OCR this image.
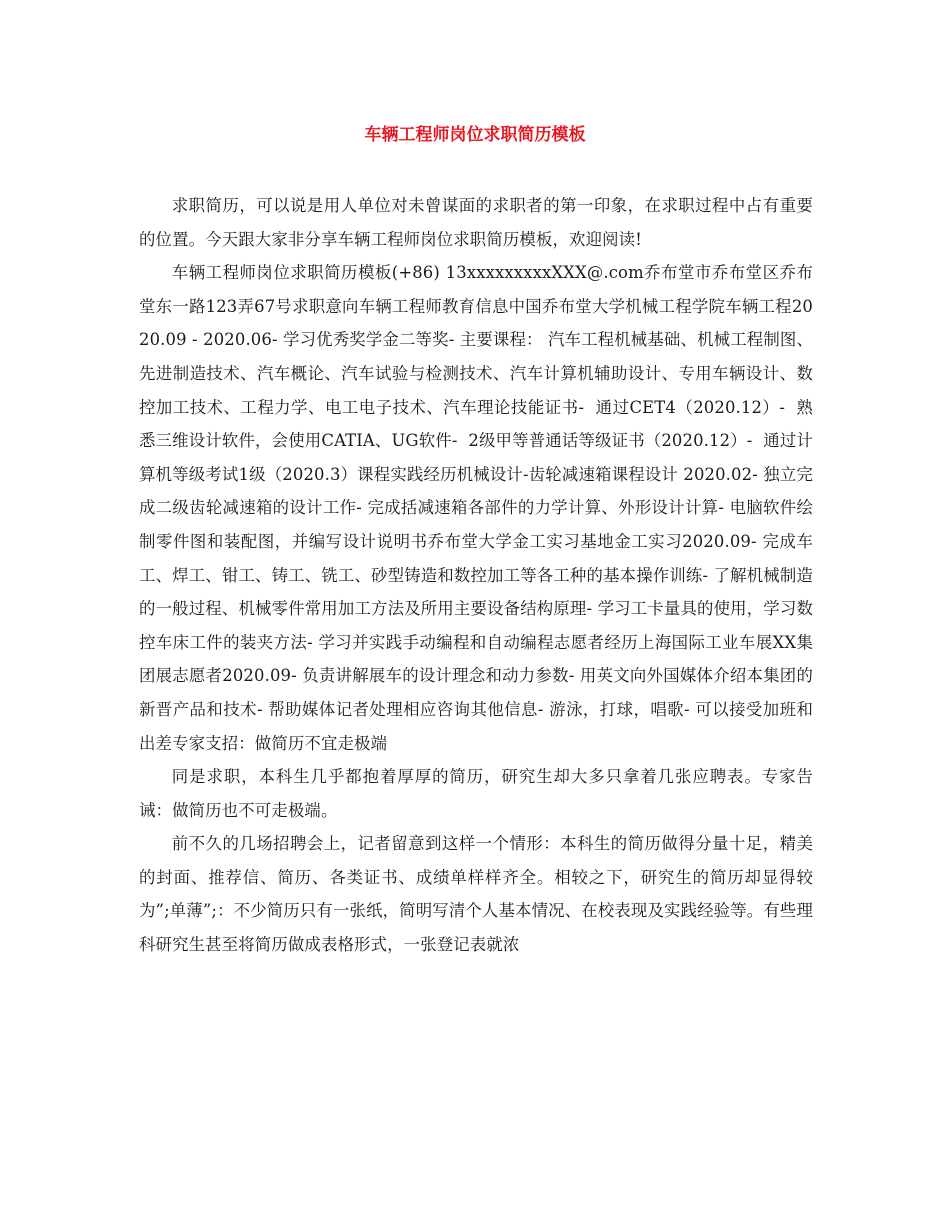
车辆工程师岗位求职简历模板

求职简历，可以说是用人单位对未曾谋面的求职者的第一印象，在求职过程中占有重要的位置。今天跟大家非分享车辆工程师岗位求职简历模板，欢迎阅读!

车辆工程师岗位求职简历模板(+86) 13xxxxxxxxxXXX@.com乔布堂市乔布堂区乔布堂东一路123弄67号求职意向车辆工程师教育信息中国乔布堂大学机械工程学院车辆工程2020.09 - 2020.06- 学习优秀奖学金二等奖- 主要课程： 汽车工程机械基础、机械工程制图、先进制造技术、汽车概论、汽车试验与检测技术、汽车计算机辅助设计、专用车辆设计、数控加工技术、工程力学、电工电子技术、汽车理论技能证书-  通过CET4（2020.12）-  熟悉三维设计软件，会使用CATIA、UG软件-  2级甲等普通话等级证书（2020.12）-  通过计算机等级考试1级（2020.3）课程实践经历机械设计-齿轮减速箱课程设计 2020.02- 独立完成二级齿轮减速箱的设计工作- 完成括减速箱各部件的力学计算、外形设计计算- 电脑软件绘制零件图和装配图，并编写设计说明书乔布堂大学金工实习基地金工实习2020.09- 完成车工、焊工、钳工、铸工、铣工、砂型铸造和数控加工等各工种的基本操作训练- 了解机械制造的一般过程、机械零件常用加工方法及所用主要设备结构原理- 学习工卡量具的使用，学习数控车床工件的装夹方法- 学习并实践手动编程和自动编程志愿者经历上海国际工业车展XX集团展志愿者2020.09- 负责讲解展车的设计理念和动力参数- 用英文向外国媒体介绍本集团的新晋产品和技术- 帮助媒体记者处理相应咨询其他信息- 游泳，打球，唱歌- 可以接受加班和出差专家支招：做简历不宜走极端

同是求职，本科生几乎都抱着厚厚的简历，研究生却大多只拿着几张应聘表。专家告诫：做简历也不可走极端。

前不久的几场招聘会上，记者留意到这样一个情形：本科生的简历做得分量十足，精美的封面、推荐信、简历、各类证书、成绩单样样齐全。相较之下，研究生的简历却显得较为”;单薄”;：不少简历只有一张纸，简明写清个人基本情况、在校表现及实践经验等。有些理科研究生甚至将简历做成表格形式，一张登记表就浓
